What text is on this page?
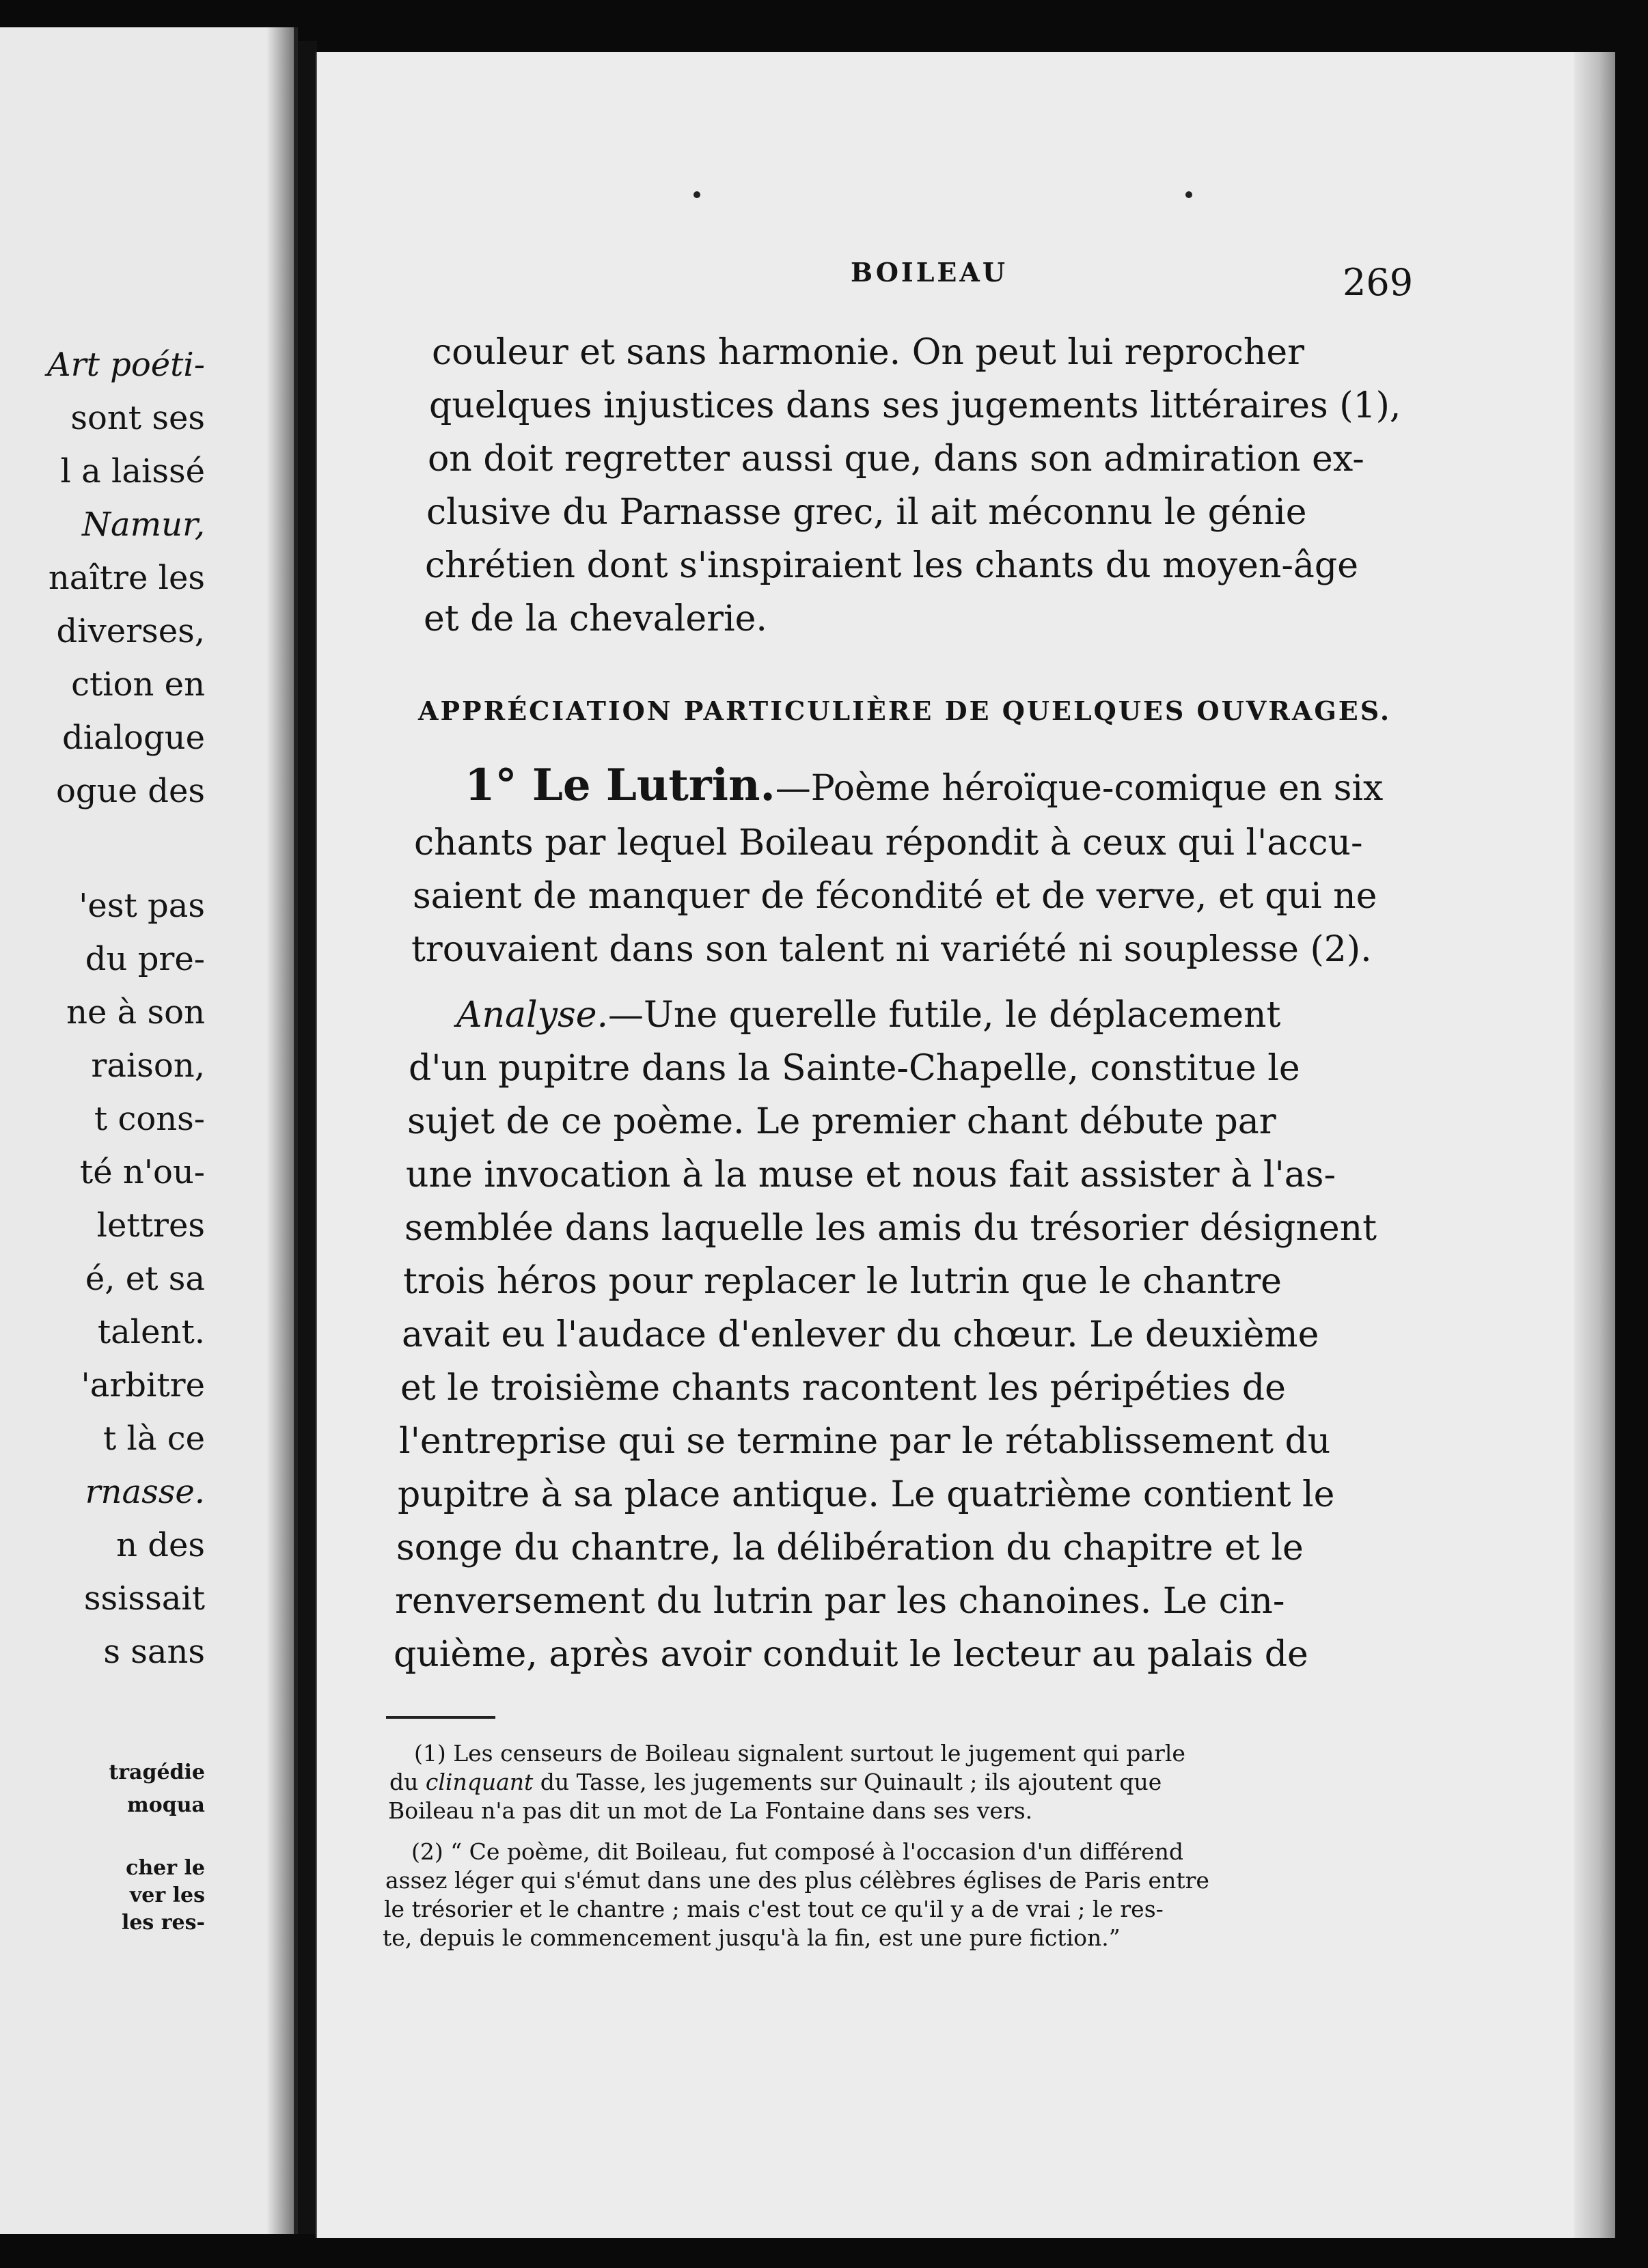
Art poéti-
sont ses
l a laissé
Namur,
naître les
diverses,
ction en
dialogue
ogue des
'est pas
du pre-
ne à son
raison,
t cons-
té n'ou-
lettres
é, et sa
talent.
'arbitre
t là ce
rnasse.
n des
ssissait
s sans
tragédie
moqua
cher le
ver les
les res-
BOILEAU	269
couleur et sans harmonie. On peut lui reprocher
quelques injustices dans ses jugements littéraires (1),
on doit regretter aussi que, dans son admiration ex-
clusive du Parnasse grec, il ait méconnu le génie
chrétien dont s'inspiraient les chants du moyen-âge
et de la chevalerie.
APPRÉCIATION PARTICULIÈRE DE QUELQUES OUVRAGES.
1° Le Lutrin.—Poème héroïque-comique en six
chants par lequel Boileau répondit à ceux qui l'accu-
saient de manquer de fécondité et de verve, et qui ne
trouvaient dans son talent ni variété ni souplesse (2).
Analyse.—Une querelle futile, le déplacement
d'un pupitre dans la Sainte-Chapelle, constitue le
sujet de ce poème. Le premier chant débute par
une invocation à la muse et nous fait assister à l'as-
semblée dans laquelle les amis du trésorier désignent
trois héros pour replacer le lutrin que le chantre
avait eu l'audace d'enlever du chœur. Le deuxième
et le troisième chants racontent les péripéties de
l'entreprise qui se termine par le rétablissement du
pupitre à sa place antique. Le quatrième contient le
songe du chantre, la délibération du chapitre et le
renversement du lutrin par les chanoines. Le cin-
quième, après avoir conduit le lecteur au palais de
(1) Les censeurs de Boileau signalent surtout le jugement qui parle
du clinquant du Tasse, les jugements sur Quinault ; ils ajoutent que
Boileau n'a pas dit un mot de La Fontaine dans ses vers.
(2) “ Ce poème, dit Boileau, fut composé à l'occasion d'un différend
assez léger qui s'émut dans une des plus célèbres églises de Paris entre
le trésorier et le chantre ; mais c'est tout ce qu'il y a de vrai ; le res-
te, depuis le commencement jusqu'à la fin, est une pure fiction.”
